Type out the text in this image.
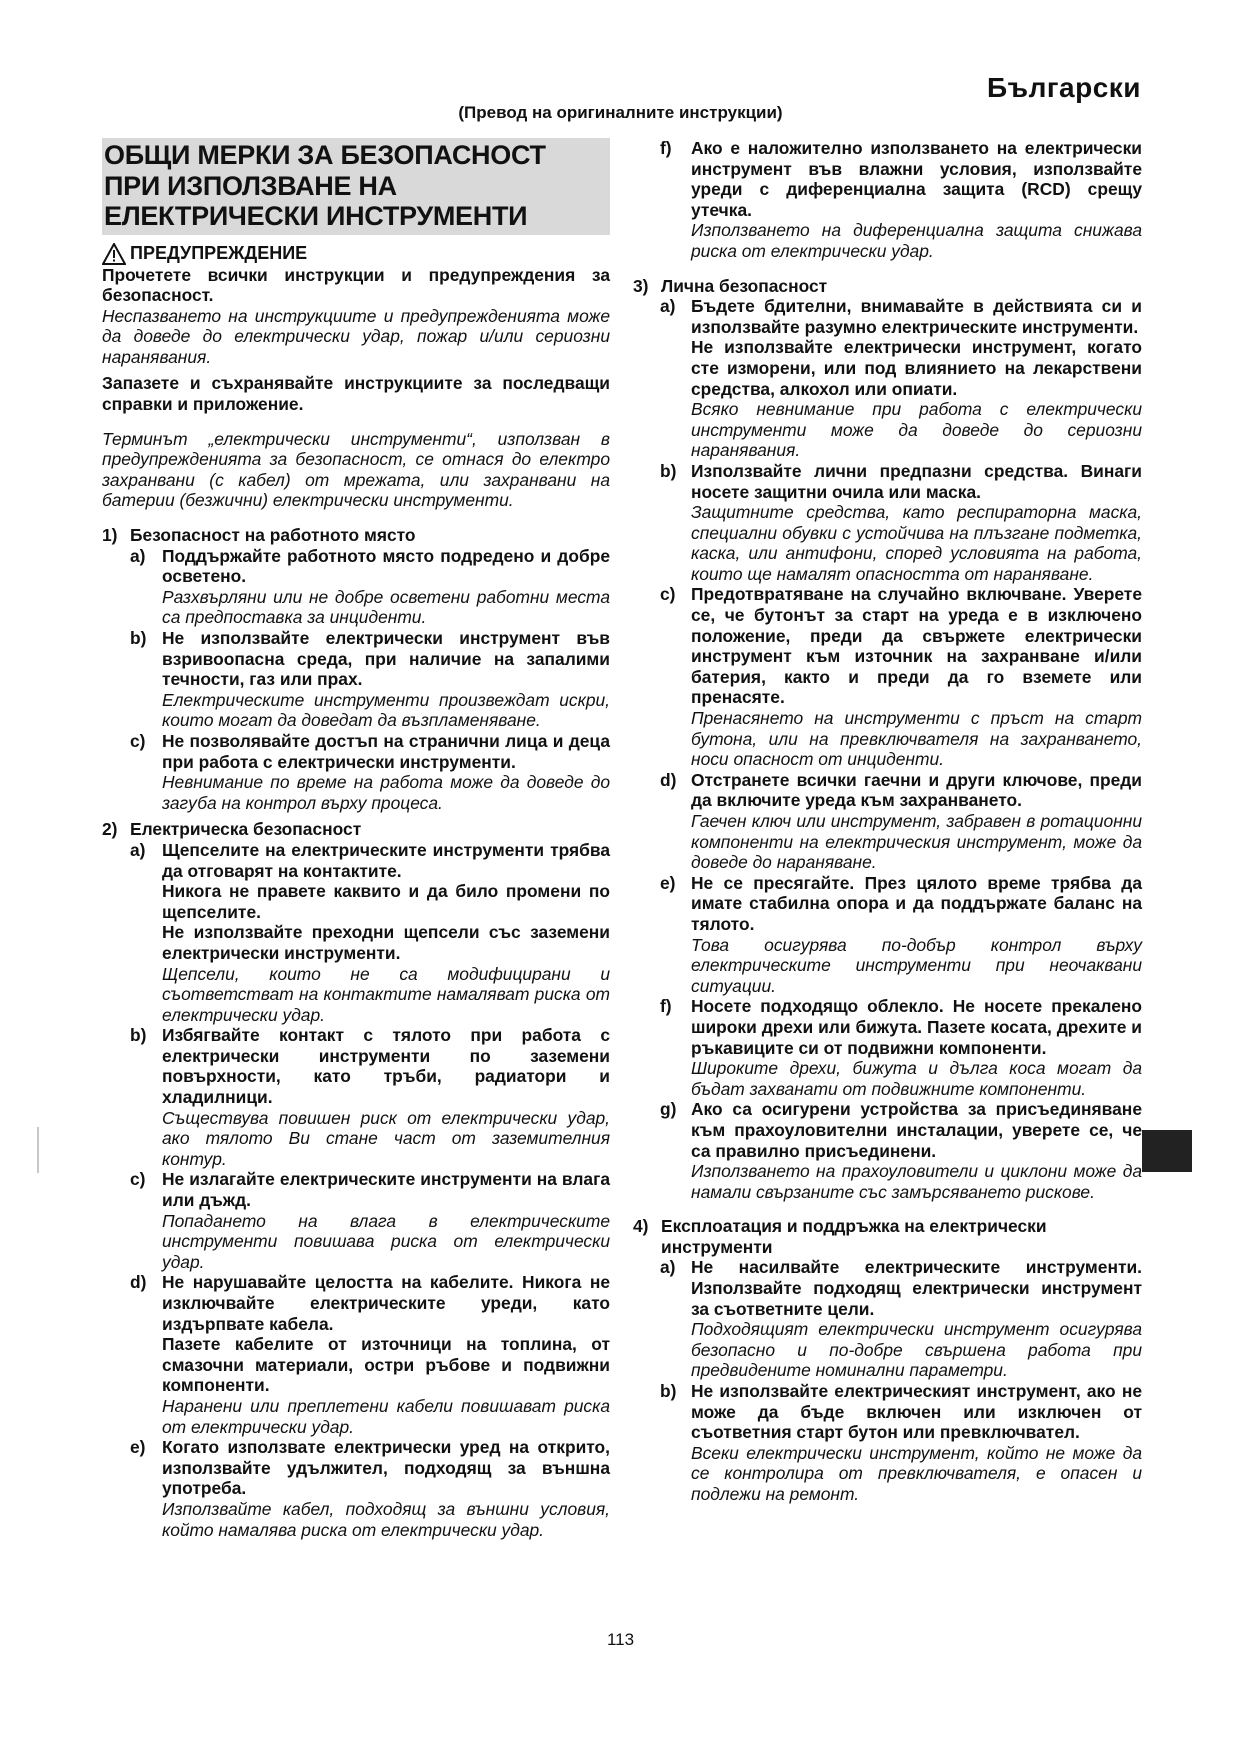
Български
(Превод на оригиналните инструкции)
ОБЩИ МЕРКИ ЗА БЕЗОПАСНОСТ ПРИ ИЗПОЛЗВАНЕ НА ЕЛЕКТРИЧЕСКИ ИНСТРУМЕНТИ
ПРЕДУПРЕЖДЕНИЕ
Прочетете всички инструкции и предупреждения за безопасност.
Неспазването на инструкциите и предупрежденията може да доведе до електрически удар, пожар и/или сериозни наранявания.
Запазете и съхранявайте инструкциите за последващи справки и приложение.
Терминът „електрически инструменти“, използван в предупрежденията за безопасност, се отнася до електро захранвани (с кабел) от мрежата, или захранвани на батерии (безжични) електрически инструменти.
1) Безопасност на работното място
a) Поддържайте работното място подредено и добре осветено.
Разхвърляни или не добре осветени работни места са предпоставка за инциденти.
b) Не използвайте електрически инструмент във взривоопасна среда, при наличие на запалими течности, газ или прах.
Електрическите инструменти произвеждат искри, които могат да доведат да възпламеняване.
c) Не позволявайте достъп на странични лица и деца при работа с електрически инструменти.
Невнимание по време на работа може да доведе до загуба на контрол върху процеса.
2) Електрическа безопасност
a) Щепселите на електрическите инструменти трябва да отговарят на контактите.
Никога не правете каквито и да било промени по щепселите.
Не използвайте преходни щепсели със заземени електрически инструменти.
Щепсели, които не са модифицирани и съответстват на контактите намаляват риска от електрически удар.
b) Избягвайте контакт с тялото при работа с електрически инструменти по заземени повърхности, като тръби, радиатори и хладилници.
Съществува повишен риск от електрически удар, ако тялото Ви стане част от заземителния контур.
c) Не излагайте електрическите инструменти на влага или дъжд.
Попадането на влага в електрическите инструменти повишава риска от електрически удар.
d) Не нарушавайте целостта на кабелите. Никога не изключвайте електрическите уреди, като издърпвате кабела.
Пазете кабелите от източници на топлина, от смазочни материали, остри ръбове и подвижни компоненти.
Наранени или преплетени кабели повишават риска от електрически удар.
e) Когато използвате електрически уред на открито, използвайте удължител, подходящ за външна употреба.
Използвайте кабел, подходящ за външни условия, който намалява риска от електрически удар.
f)	Ако е наложително използването на електрически инструмент във влажни условия, използвайте уреди с диференциална защита (RCD) срещу утечка.
Използването на диференциална защита снижава риска от електрически удар.
3) Лична безопасност
a) Бъдете бдителни, внимавайте в действията си и използвайте разумно електрическите инструменти.
Не използвайте електрически инструмент, когато сте изморени, или под влиянието на лекарствени средства, алкохол или опиати.
Всяко невнимание при работа с електрически инструменти може да доведе до сериозни наранявания.
b) Използвайте лични предпазни средства. Винаги носете защитни очила или маска.
Защитните средства, като респираторна маска, специални обувки с устойчива на плъзгане подметка, каска, или антифони, според условията на работа, които ще намалят опасността от нараняване.
c) Предотвратяване на случайно включване. Уверете се, че бутонът за старт на уреда е в изключено положение, преди да свържете електрически инструмент към източник на захранване и/или батерия, както и преди да го вземете или пренасяте.
Пренасянето на инструменти с пръст на старт бутона, или на превключвателя на захранването, носи опасност от инциденти.
d) Отстранете всички гаечни и други ключове, преди да включите уреда към захранването.
Гаечен ключ или инструмент, забравен в ротационни компоненти на електрическия инструмент, може да доведе до нараняване.
e) Не се пресягайте. През цялото време трябва да имате стабилна опора и да поддържате баланс на тялото.
Това осигурява по-добър контрол върху електрическите инструменти при неочаквани ситуации.
f)	Носете подходящо облекло. Не носете прекалено широки дрехи или бижута. Пазете косата, дрехите и ръкавиците си от подвижни компоненти.
Широките дрехи, бижута и дълга коса могат да бъдат захванати от подвижните компоненти.
g) Ако са осигурени устройства за присъединяване към прахоуловителни инсталации, уверете се, че са правилно присъединени.
Използването на прахоуловители и циклони може да намали свързаните със замърсяването рискове.
4) Експлоатация и поддръжка на електрически инструменти
a) Не насилвайте електрическите инструменти. Използвайте подходящ електрически инструмент за съответните цели.
Подходящият електрически инструмент осигурява безопасно и по-добре свършена работа при предвидените номинални параметри.
b) Не използвайте електрическият инструмент, ако не може да бъде включен или изключен от съответния старт бутон или превключвател.
Всеки електрически инструмент, който не може да се контролира от превключвателя, е опасен и подлежи на ремонт.
113
